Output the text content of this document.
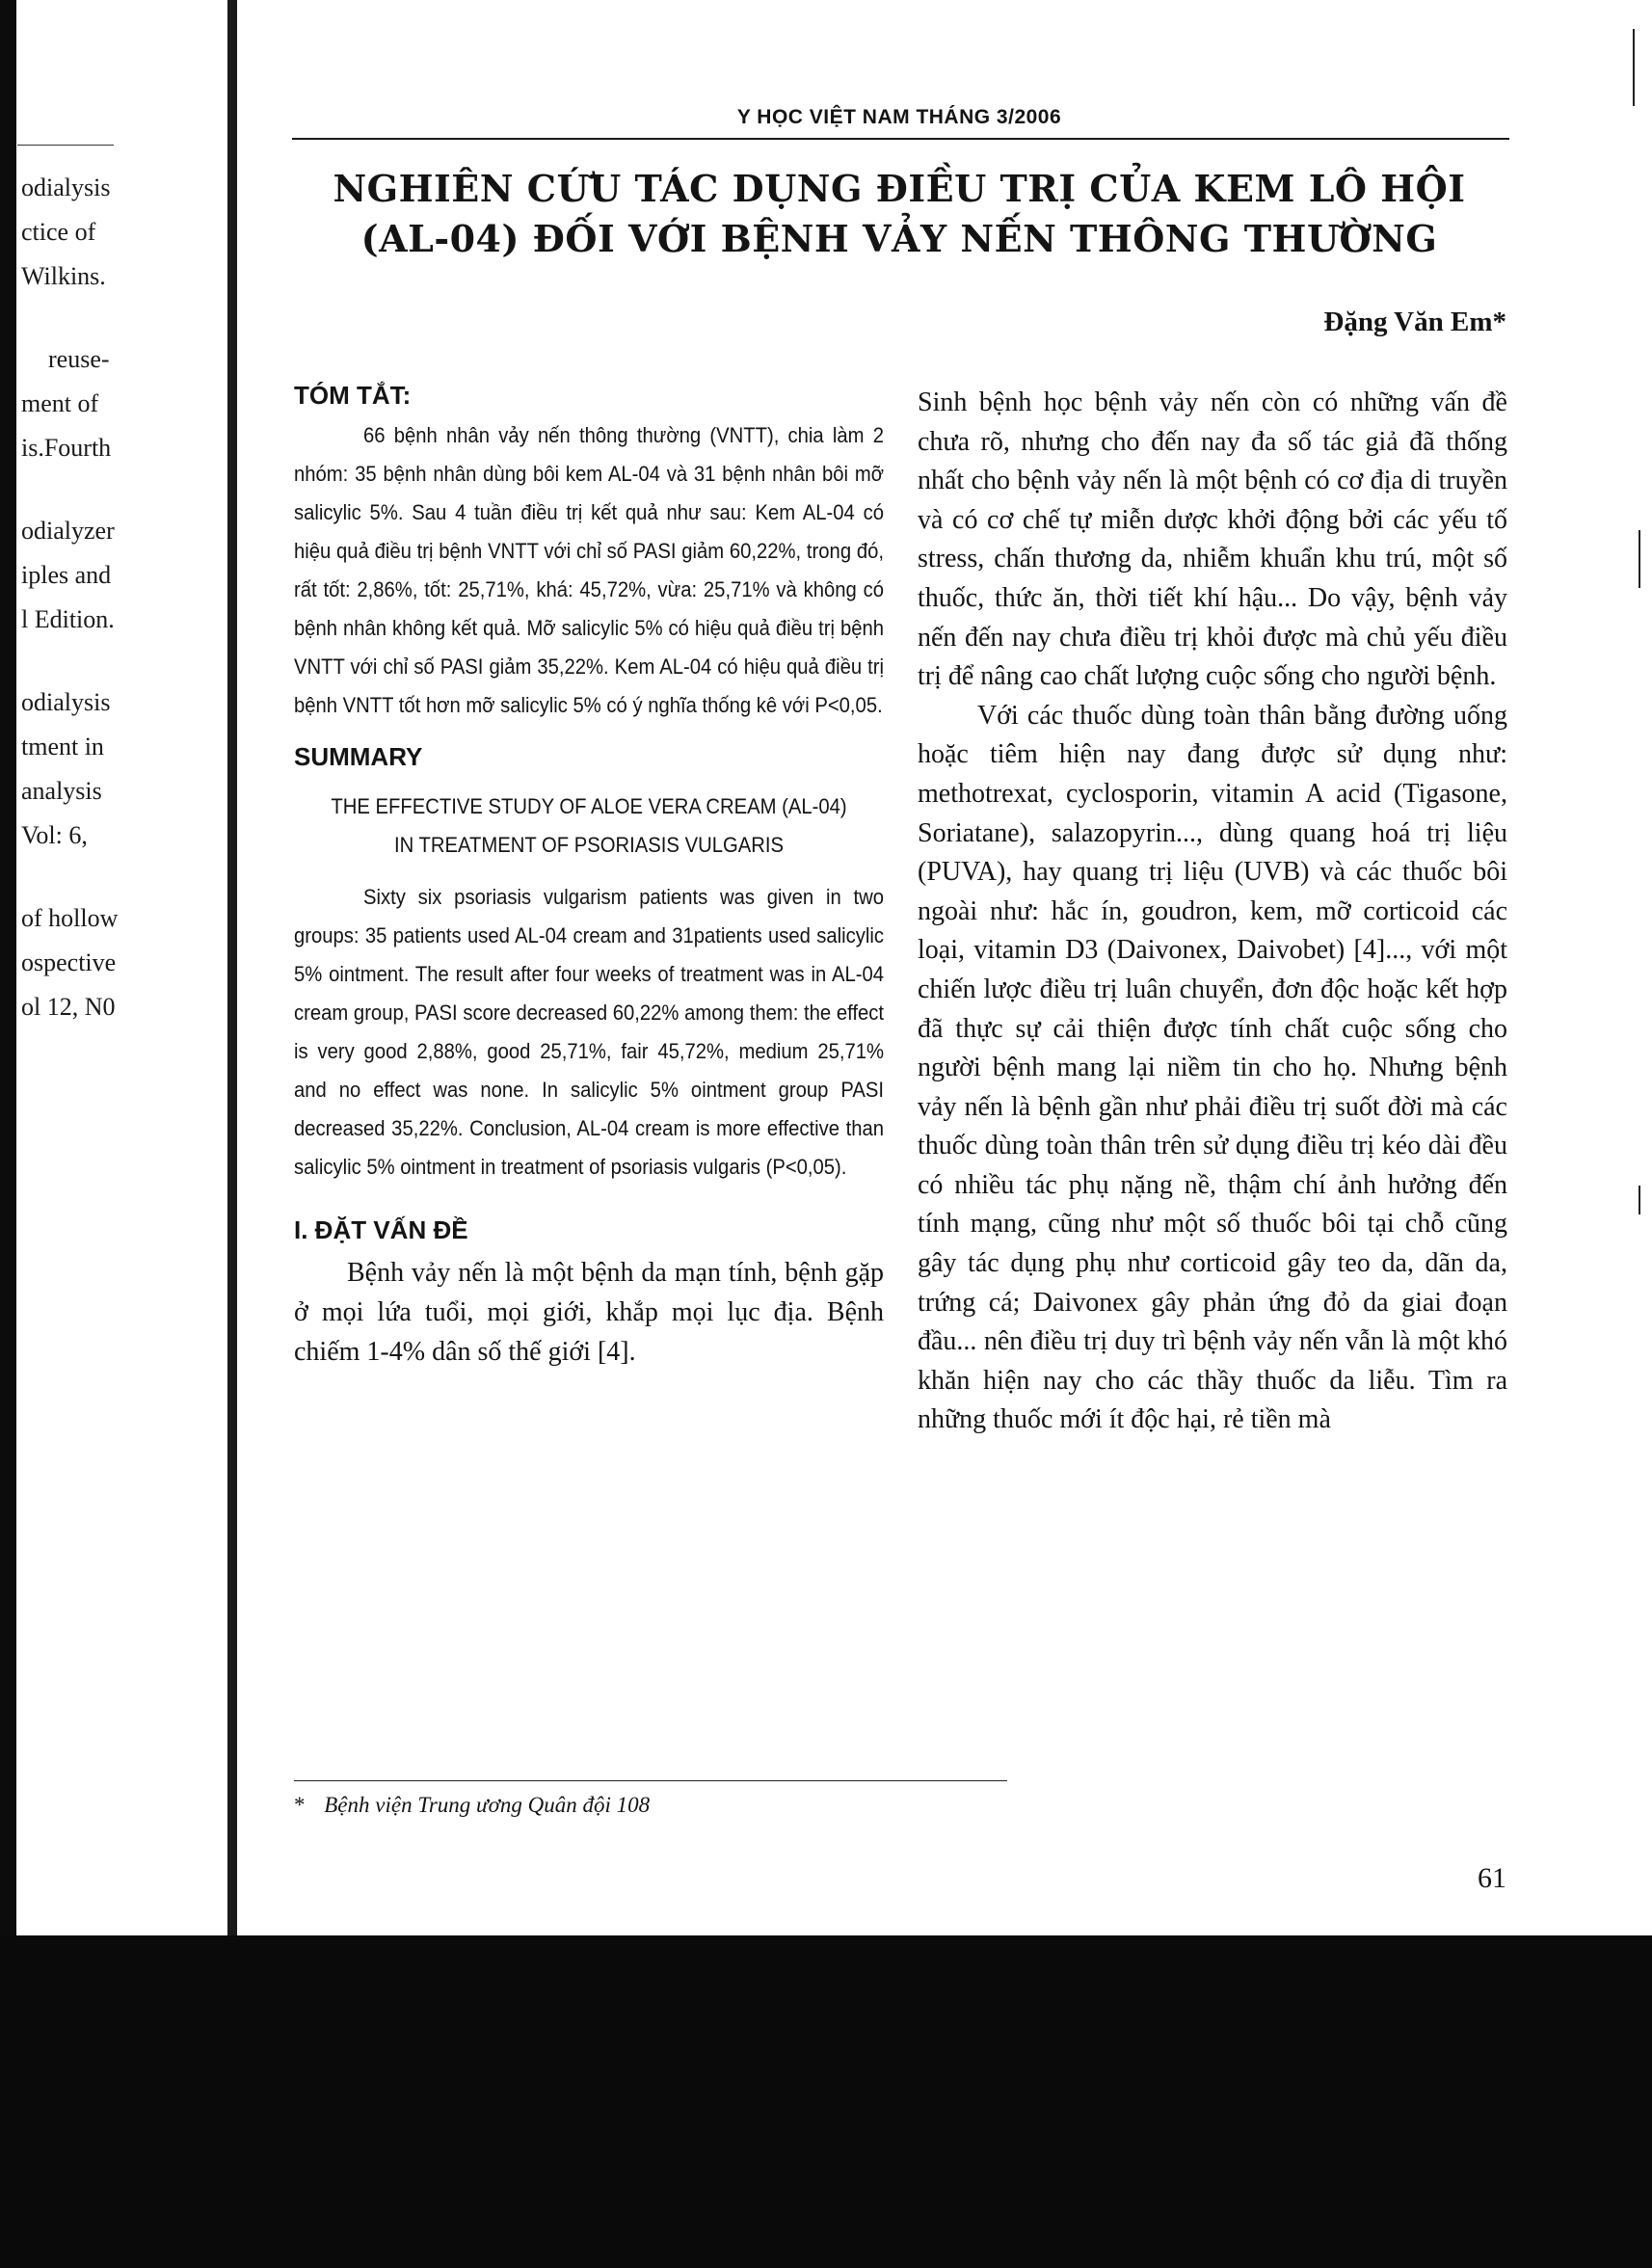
odialysis
ctice of
Wilkins.
reuse-
ment of
is.Fourth
odialyzer
iples and
l Edition.
odialysis
tment in
analysis
Vol: 6,
of hollow
ospective
ol 12, N0
Y HỌC VIỆT NAM THÁNG 3/2006
NGHIÊN CỨU TÁC DỤNG ĐIỀU TRỊ CỦA KEM LÔ HỘI
(AL-04) ĐỐI VỚI BỆNH VẢY NẾN THÔNG THƯỜNG
Đặng Văn Em*
TÓM TẮT:

66 bệnh nhân vảy nến thông thường (VNTT), chia làm 2 nhóm: 35 bệnh nhân dùng bôi kem AL-04 và 31 bệnh nhân bôi mỡ salicylic 5%. Sau 4 tuần điều trị kết quả như sau: Kem AL-04 có hiệu quả điều trị bệnh VNTT với chỉ số PASI giảm 60,22%, trong đó, rất tốt: 2,86%, tốt: 25,71%, khá: 45,72%, vừa: 25,71% và không có bệnh nhân không kết quả. Mỡ salicylic 5% có hiệu quả điều trị bệnh VNTT với chỉ số PASI giảm 35,22%. Kem AL-04 có hiệu quả điều trị bệnh VNTT tốt hơn mỡ salicylic 5% có ý nghĩa thống kê với P<0,05.

SUMMARY

THE EFFECTIVE STUDY OF ALOE VERA CREAM (AL-04)

IN TREATMENT OF PSORIASIS VULGARIS

Sixty six psoriasis vulgarism patients was given in two groups: 35 patients used AL-04 cream and 31patients used salicylic 5% ointment. The result after four weeks of treatment was in AL-04 cream group, PASI score decreased 60,22% among them: the effect is very good 2,88%, good 25,71%, fair 45,72%, medium 25,71% and no effect was none. In salicylic 5% ointment group PASI decreased 35,22%. Conclusion, AL-04 cream is more effective than salicylic 5% ointment in treatment of psoriasis vulgaris (P<0,05).

I. ĐẶT VẤN ĐỀ

Bệnh vảy nến là một bệnh da mạn tính, bệnh gặp ở mọi lứa tuổi, mọi giới, khắp mọi lục địa. Bệnh chiếm 1-4% dân số thế giới [4].

Sinh bệnh học bệnh vảy nến còn có những vấn đề chưa rõ, nhưng cho đến nay đa số tác giả đã thống nhất cho bệnh vảy nến là một bệnh có cơ địa di truyền và có cơ chế tự miễn dược khởi động bởi các yếu tố stress, chấn thương da, nhiễm khuẩn khu trú, một số thuốc, thức ăn, thời tiết khí hậu... Do vậy, bệnh vảy nến đến nay chưa điều trị khỏi được mà chủ yếu điều trị để nâng cao chất lượng cuộc sống cho người bệnh.

Với các thuốc dùng toàn thân bằng đường uống hoặc tiêm hiện nay đang được sử dụng như: methotrexat, cyclosporin, vitamin A acid (Tigasone, Soriatane), salazopyrin..., dùng quang hoá trị liệu (PUVA), hay quang trị liệu (UVB) và các thuốc bôi ngoài như: hắc ín, goudron, kem, mỡ corticoid các loại, vitamin D3 (Daivonex, Daivobet) [4]..., với một chiến lược điều trị luân chuyển, đơn độc hoặc kết hợp đã thực sự cải thiện được tính chất cuộc sống cho người bệnh mang lại niềm tin cho họ. Nhưng bệnh vảy nến là bệnh gần như phải điều trị suốt đời mà các thuốc dùng toàn thân trên sử dụng điều trị kéo dài đều có nhiều tác phụ nặng nề, thậm chí ảnh hưởng đến tính mạng, cũng như một số thuốc bôi tại chỗ cũng gây tác dụng phụ như corticoid gây teo da, dãn da, trứng cá; Daivonex gây phản ứng đỏ da giai đoạn đầu... nên điều trị duy trì bệnh vảy nến vẫn là một khó khăn hiện nay cho các thầy thuốc da liễu. Tìm ra những thuốc mới ít độc hại, rẻ tiền mà

* Bệnh viện Trung ương Quân đội 108
61
